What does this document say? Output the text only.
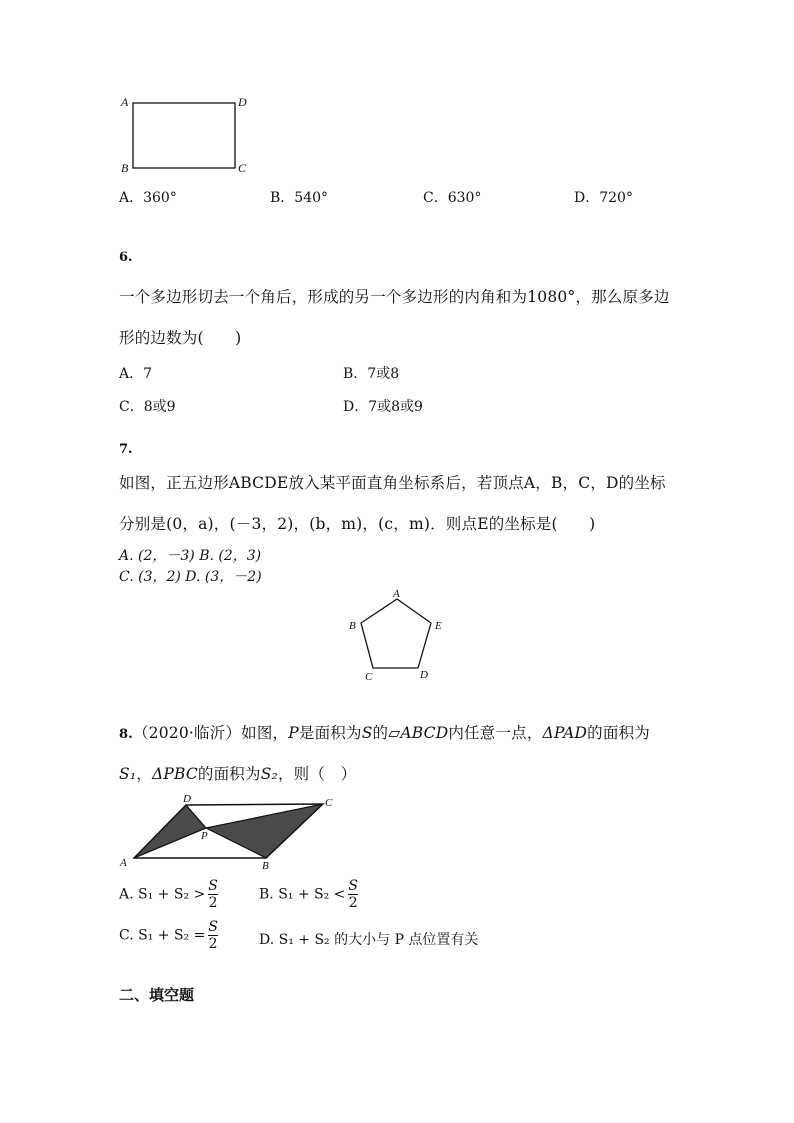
A	D
B	C
A．360°	B．540°	C．630°	D．720°
6.
一个多边形切去一个角后，形成的另一个多边形的内角和为1080°，那么原多边
形的边数为(　　)
A．7	B．7或8
C．8或9	D．7或8或9
7.
如图，正五边形ABCDE放入某平面直角坐标系后，若顶点A，B，C，D的坐标
分别是(0，a)，(－3，2)，(b，m)，(c，m)．则点E的坐标是(　　)
A. (2，－3) B. (2，3)
C. (3，2) D. (3，－2)
A
B	E
C	D
8.（2020·临沂）如图，P是面积为S的▱ABCD内任意一点，ΔPAD的面积为
S₁，ΔPBC的面积为S₂，则（　）
D	C
P
A	B
A. $S_1 + S_2 > \frac{S}{2}$	B. $S_1 + S_2 < \frac{S}{2}$
C. $S_1 + S_2 = \frac{S}{2}$	D. S₁ + S₂ 的大小与 P 点位置有关
二、填空题
